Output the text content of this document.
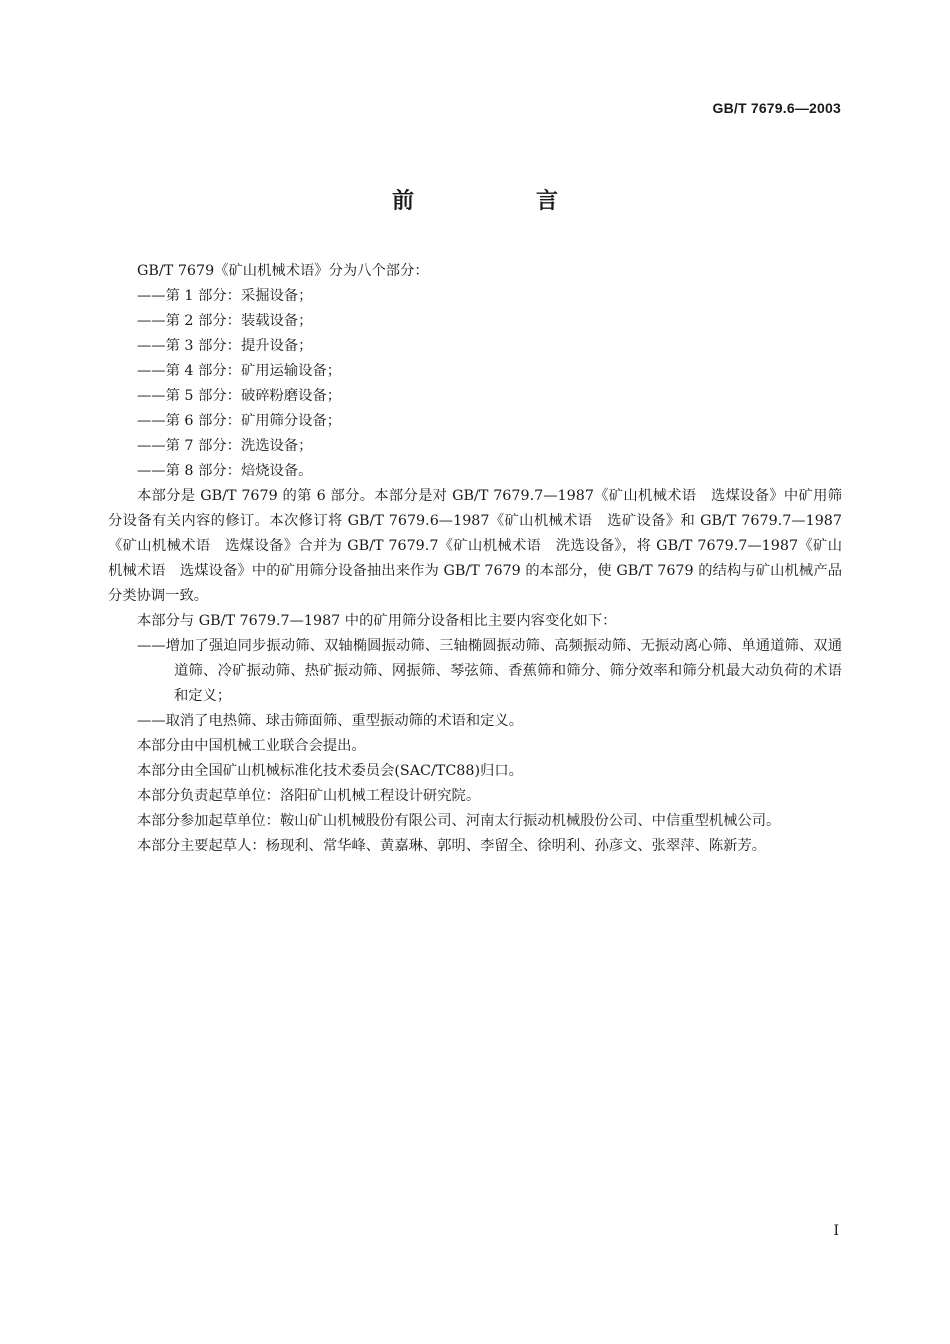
GB/T 7679.6—2003
前　言

GB/T 7679《矿山机械术语》分为八个部分：

——第 1 部分：采掘设备；

——第 2 部分：装载设备；

——第 3 部分：提升设备；

——第 4 部分：矿用运输设备；

——第 5 部分：破碎粉磨设备；

——第 6 部分：矿用筛分设备；

——第 7 部分：洗选设备；

——第 8 部分：焙烧设备。

本部分是 GB/T 7679 的第 6 部分。本部分是对 GB/T 7679.7—1987《矿山机械术语　选煤设备》中矿用筛分设备有关内容的修订。本次修订将 GB/T 7679.6—1987《矿山机械术语　选矿设备》和 GB/T 7679.7—1987《矿山机械术语　选煤设备》合并为 GB/T 7679.7《矿山机械术语　洗选设备》，将 GB/T 7679.7—1987《矿山机械术语　选煤设备》中的矿用筛分设备抽出来作为 GB/T 7679 的本部分，使 GB/T 7679 的结构与矿山机械产品分类协调一致。

本部分与 GB/T 7679.7—1987 中的矿用筛分设备相比主要内容变化如下：

——增加了强迫同步振动筛、双轴椭圆振动筛、三轴椭圆振动筛、高频振动筛、无振动离心筛、单通道筛、双通道筛、冷矿振动筛、热矿振动筛、网振筛、琴弦筛、香蕉筛和筛分、筛分效率和筛分机最大动负荷的术语和定义；

——取消了电热筛、球击筛面筛、重型振动筛的术语和定义。

本部分由中国机械工业联合会提出。

本部分由全国矿山机械标准化技术委员会(SAC/TC88)归口。

本部分负责起草单位：洛阳矿山机械工程设计研究院。

本部分参加起草单位：鞍山矿山机械股份有限公司、河南太行振动机械股份公司、中信重型机械公司。

本部分主要起草人：杨现利、常华峰、黄嘉琳、郭明、李留全、徐明利、孙彦文、张翠萍、陈新芳。

I
